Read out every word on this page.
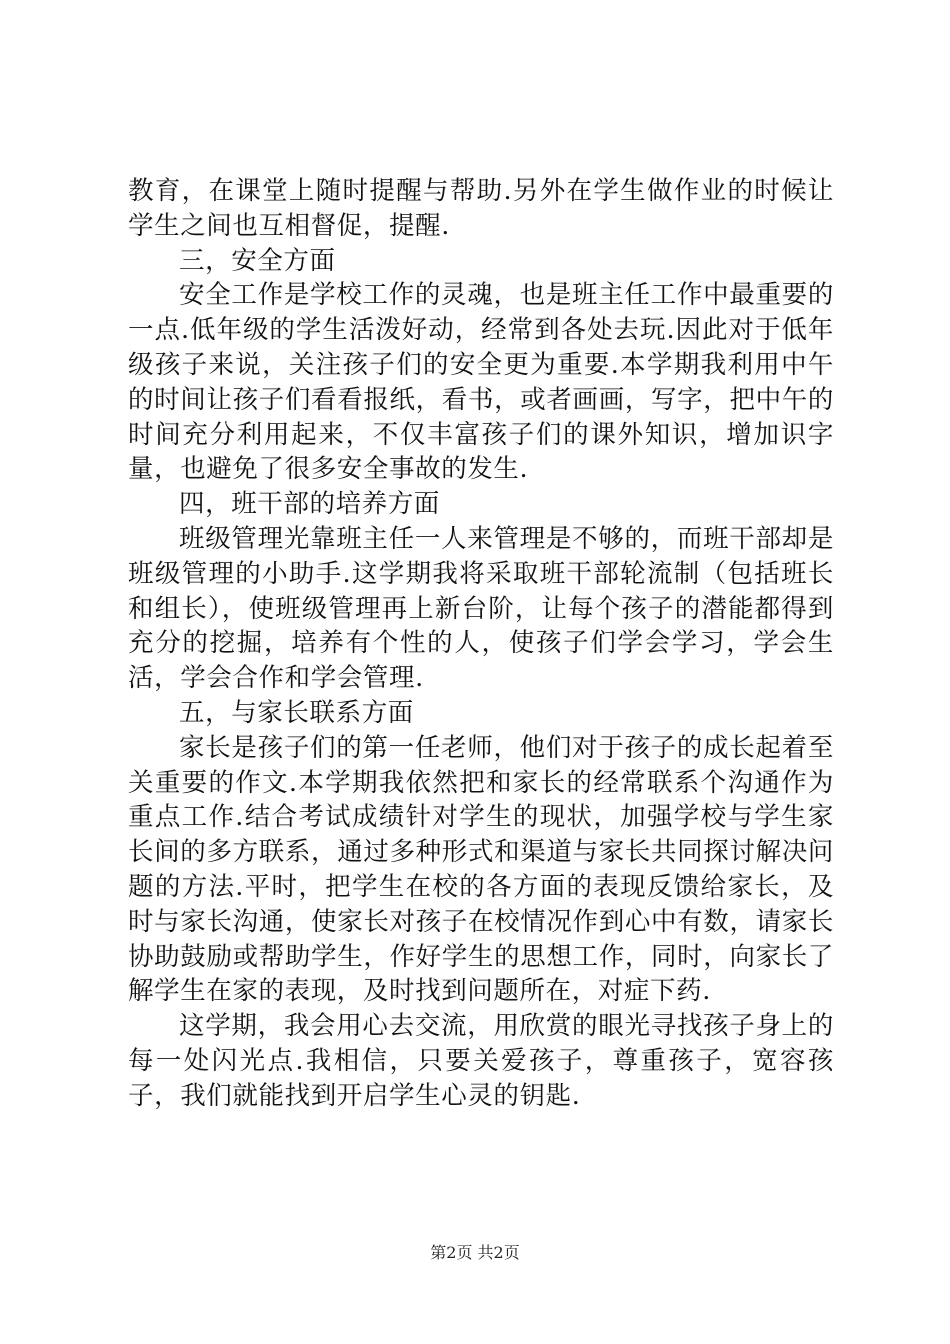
教育，在课堂上随时提醒与帮助.另外在学生做作业的时候让学生之间也互相督促，提醒.

三，安全方面

安全工作是学校工作的灵魂，也是班主任工作中最重要的一点.低年级的学生活泼好动，经常到各处去玩.因此对于低年级孩子来说，关注孩子们的安全更为重要.本学期我利用中午的时间让孩子们看看报纸，看书，或者画画，写字，把中午的时间充分利用起来，不仅丰富孩子们的课外知识，增加识字量，也避免了很多安全事故的发生.

四，班干部的培养方面

班级管理光靠班主任一人来管理是不够的，而班干部却是班级管理的小助手.这学期我将采取班干部轮流制（包括班长和组长），使班级管理再上新台阶，让每个孩子的潜能都得到充分的挖掘，培养有个性的人，使孩子们学会学习，学会生活，学会合作和学会管理.

五，与家长联系方面

家长是孩子们的第一任老师，他们对于孩子的成长起着至关重要的作文.本学期我依然把和家长的经常联系个沟通作为重点工作.结合考试成绩针对学生的现状，加强学校与学生家长间的多方联系，通过多种形式和渠道与家长共同探讨解决问题的方法.平时，把学生在校的各方面的表现反馈给家长，及时与家长沟通，使家长对孩子在校情况作到心中有数，请家长协助鼓励或帮助学生，作好学生的思想工作，同时，向家长了解学生在家的表现，及时找到问题所在，对症下药.

这学期，我会用心去交流，用欣赏的眼光寻找孩子身上的每一处闪光点.我相信，只要关爱孩子，尊重孩子，宽容孩子，我们就能找到开启学生心灵的钥匙.

第2页 共2页
